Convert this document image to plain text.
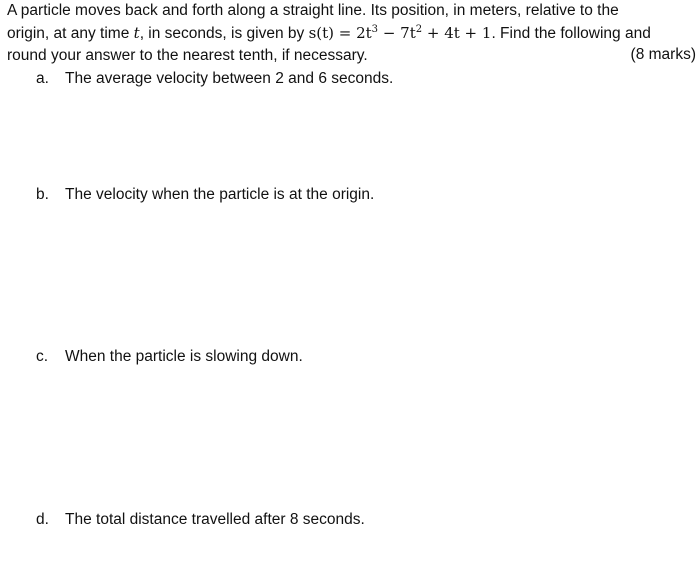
A particle moves back and forth along a straight line. Its position, in meters, relative to the
origin, at any time t, in seconds, is given by $s(t) = 2t^3 - 7t^2 + 4t + 1$. Find the following and
round your answer to the nearest tenth, if necessary.	(8 marks)
a. The average velocity between 2 and 6 seconds.
b. The velocity when the particle is at the origin.
c. When the particle is slowing down.
d. The total distance travelled after 8 seconds.
